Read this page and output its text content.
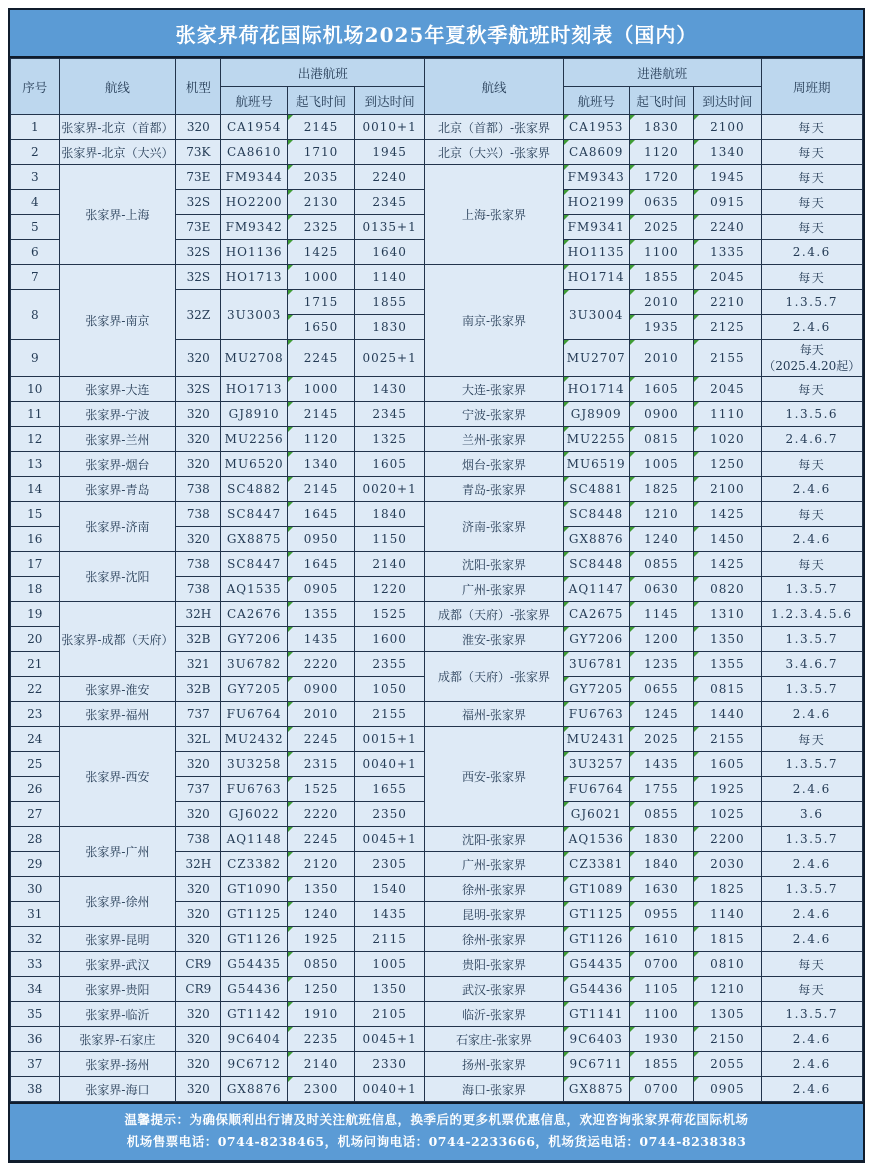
张家界荷花国际机场2025年夏秋季航班时刻表（国内）
序号	航线	机型	出港航班			航线	进港航班			周班期
			航班号	起飞时间	到达时间		航班号	起飞时间	到达时间	
1	张家界-北京（首都）	320	CA1954	2145	0010+1	北京（首都）-张家界	CA1953	1830	2100	每天
2	张家界-北京（大兴）	73K	CA8610	1710	1945	北京（大兴）-张家界	CA8609	1120	1340	每天
3	张家界-上海	73E	FM9344	2035	2240	上海-张家界	FM9343	1720	1945	每天
4		32S	HO2200	2130	2345		HO2199	0635	0915	每天
5		73E	FM9342	2325	0135+1		FM9341	2025	2240	每天
6		32S	HO1136	1425	1640		HO1135	1100	1335	2.4.6
7	张家界-南京	32S	HO1713	1000	1140	南京-张家界	HO1714	1855	2045	每天
8		32Z	3U3003	1715	1855		3U3004	2010	2210	1.3.5.7
				1650	1830			1935	2125	2.4.6
9		320	MU2708	2245	0025+1		MU2707	2010	2155	每天
（2025.4.20起）
10	张家界-大连	32S	HO1713	1000	1430	大连-张家界	HO1714	1605	2045	每天
11	张家界-宁波	320	GJ8910	2145	2345	宁波-张家界	GJ8909	0900	1110	1.3.5.6
12	张家界-兰州	320	MU2256	1120	1325	兰州-张家界	MU2255	0815	1020	2.4.6.7
13	张家界-烟台	320	MU6520	1340	1605	烟台-张家界	MU6519	1005	1250	每天
14	张家界-青岛	738	SC4882	2145	0020+1	青岛-张家界	SC4881	1825	2100	2.4.6
15	张家界-济南	738	SC8447	1645	1840	济南-张家界	SC8448	1210	1425	每天
16		320	GX8875	0950	1150		GX8876	1240	1450	2.4.6
17	张家界-沈阳	738	SC8447	1645	2140	沈阳-张家界	SC8448	0855	1425	每天
18		738	AQ1535	0905	1220	广州-张家界	AQ1147	0630	0820	1.3.5.7
19	张家界-成都（天府）	32H	CA2676	1355	1525	成都（天府）-张家界	CA2675	1145	1310	1.2.3.4.5.6
20		32B	GY7206	1435	1600	淮安-张家界	GY7206	1200	1350	1.3.5.7
21		321	3U6782	2220	2355	成都（天府）-张家界	3U6781	1235	1355	3.4.6.7
22	张家界-淮安	32B	GY7205	0900	1050		GY7205	0655	0815	1.3.5.7
23	张家界-福州	737	FU6764	2010	2155	福州-张家界	FU6763	1245	1440	2.4.6
24	张家界-西安	32L	MU2432	2245	0015+1	西安-张家界	MU2431	2025	2155	每天
25		320	3U3258	2315	0040+1		3U3257	1435	1605	1.3.5.7
26		737	FU6763	1525	1655		FU6764	1755	1925	2.4.6
27		320	GJ6022	2220	2350		GJ6021	0855	1025	3.6
28	张家界-广州	738	AQ1148	2245	0045+1	沈阳-张家界	AQ1536	1830	2200	1.3.5.7
29		32H	CZ3382	2120	2305	广州-张家界	CZ3381	1840	2030	2.4.6
30	张家界-徐州	320	GT1090	1350	1540	徐州-张家界	GT1089	1630	1825	1.3.5.7
31		320	GT1125	1240	1435	昆明-张家界	GT1125	0955	1140	2.4.6
32	张家界-昆明	320	GT1126	1925	2115	徐州-张家界	GT1126	1610	1815	2.4.6
33	张家界-武汉	CR9	G54435	0850	1005	贵阳-张家界	G54435	0700	0810	每天
34	张家界-贵阳	CR9	G54436	1250	1350	武汉-张家界	G54436	1105	1210	每天
35	张家界-临沂	320	GT1142	1910	2105	临沂-张家界	GT1141	1100	1305	1.3.5.7
36	张家界-石家庄	320	9C6404	2235	0045+1	石家庄-张家界	9C6403	1930	2150	2.4.6
37	张家界-扬州	320	9C6712	2140	2330	扬州-张家界	9C6711	1855	2055	2.4.6
38	张家界-海口	320	GX8876	2300	0040+1	海口-张家界	GX8875	0700	0905	2.4.6
温馨提示：为确保顺利出行请及时关注航班信息，换季后的更多机票优惠信息，欢迎咨询张家界荷花国际机场
机场售票电话：0744-8238465，机场问询电话：0744-2233666，机场货运电话：0744-8238383
